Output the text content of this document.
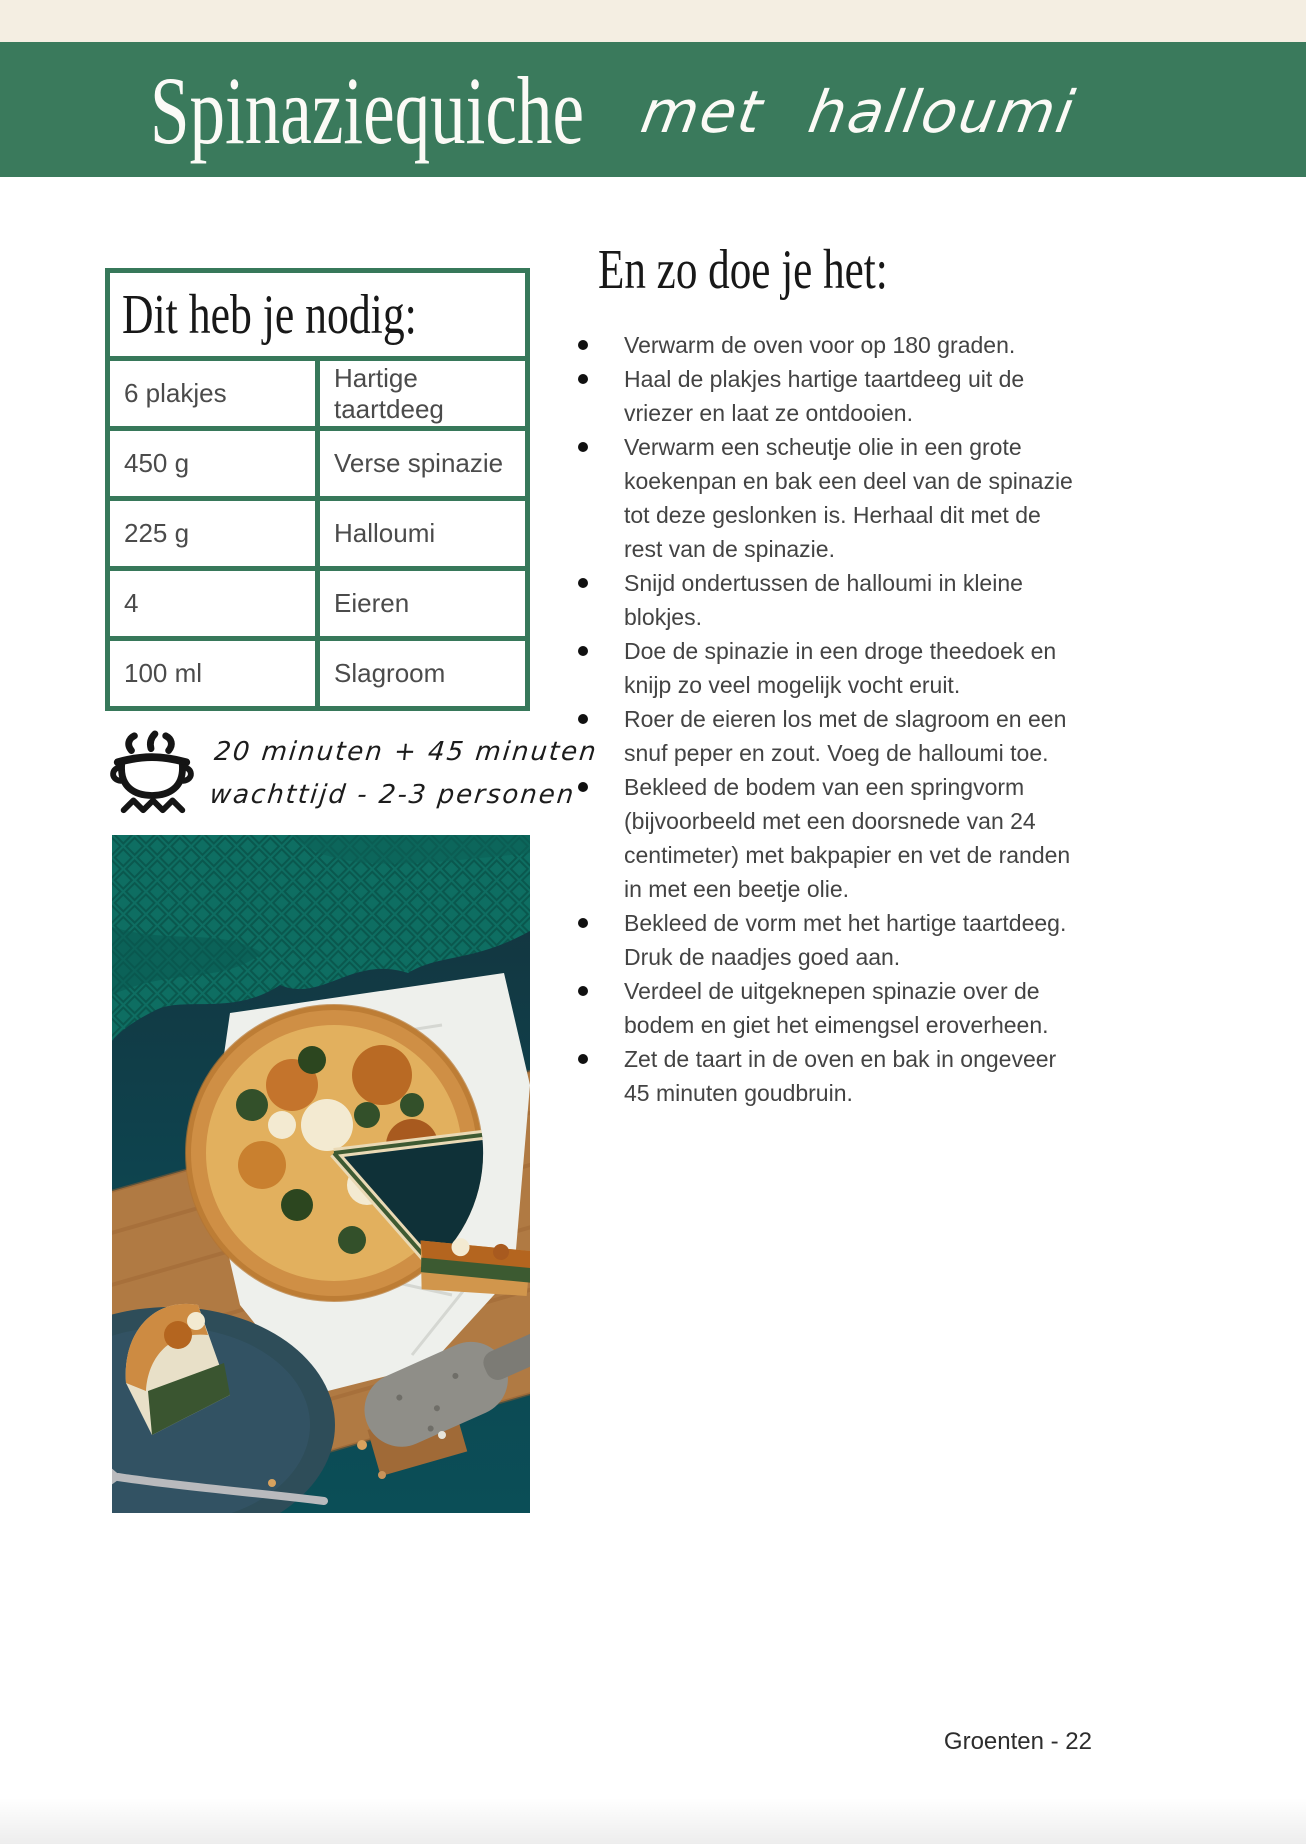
Spinaziequiche met halloumi
Dit heb je nodig:	
6 plakjes	Hartige taartdeeg
450 g	Verse spinazie
225 g	Halloumi
4	Eieren
100 ml	Slagroom
20 minuten + 45 minuten
wachttijd - 2-3 personen
En zo doe je het:
Verwarm de oven voor op 180 graden.
Haal de plakjes hartige taartdeeg uit de vriezer en laat ze ontdooien.
Verwarm een scheutje olie in een grote koekenpan en bak een deel van de spinazie tot deze geslonken is. Herhaal dit met de rest van de spinazie.
Snijd ondertussen de halloumi in kleine blokjes.
Doe de spinazie in een droge theedoek en knijp zo veel mogelijk vocht eruit.
Roer de eieren los met de slagroom en een snuf peper en zout. Voeg de halloumi toe.
Bekleed de bodem van een springvorm (bijvoorbeeld met een doorsnede van 24 centimeter) met bakpapier en vet de randen in met een beetje olie.
Bekleed de vorm met het hartige taartdeeg. Druk de naadjes goed aan.
Verdeel de uitgeknepen spinazie over de bodem en giet het eimengsel eroverheen.
Zet de taart in de oven en bak in ongeveer 45 minuten goudbruin.
Groenten - 22
